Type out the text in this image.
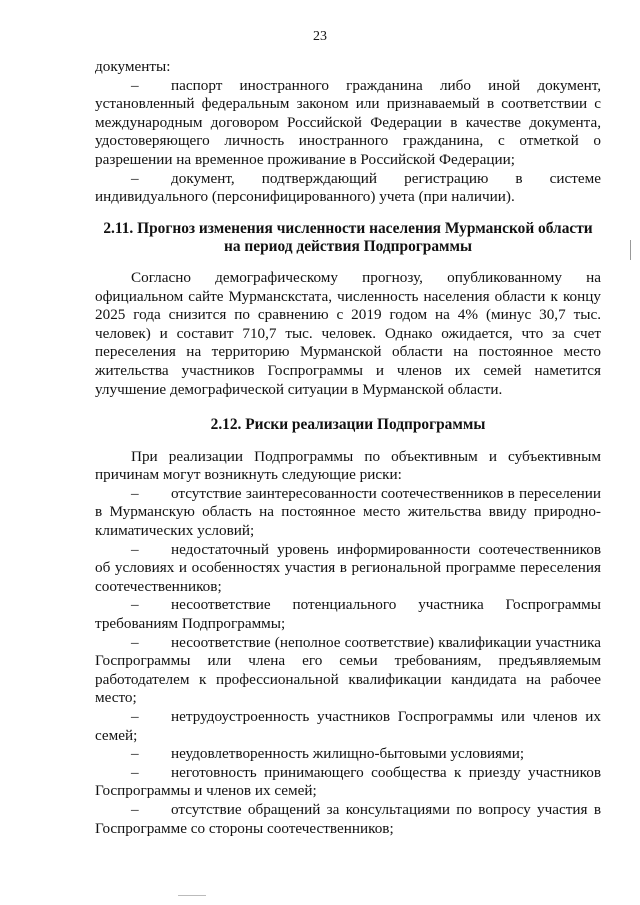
23

документы:

– паспорт иностранного гражданина либо иной документ, установленный федеральным законом или признаваемый в соответствии с международным договором Российской Федерации в качестве документа, удостоверяющего личность иностранного гражданина, с отметкой о разрешении на временное проживание в Российской Федерации;

– документ, подтверждающий регистрацию в системе индивидуального (персонифицированного) учета (при наличии).

2.11. Прогноз изменения численности населения Мурманской области на период действия Подпрограммы

Согласно демографическому прогнозу, опубликованному на официальном сайте Мурманскстата, численность населения области к концу 2025 года снизится по сравнению с 2019 годом на 4% (минус 30,7 тыс. человек) и составит 710,7 тыс. человек. Однако ожидается, что за счет переселения на территорию Мурманской области на постоянное место жительства участников Госпрограммы и членов их семей наметится улучшение демографической ситуации в Мурманской области.

2.12. Риски реализации Подпрограммы

При реализации Подпрограммы по объективным и субъективным причинам могут возникнуть следующие риски:

– отсутствие заинтересованности соотечественников в переселении в Мурманскую область на постоянное место жительства ввиду природно-климатических условий;

– недостаточный уровень информированности соотечественников об условиях и особенностях участия в региональной программе переселения соотечественников;

– несоответствие потенциального участника Госпрограммы требованиям Подпрограммы;

– несоответствие (неполное соответствие) квалификации участника Госпрограммы или члена его семьи требованиям, предъявляемым работодателем к профессиональной квалификации кандидата на рабочее место;

– нетрудоустроенность участников Госпрограммы или членов их семей;

– неудовлетворенность жилищно-бытовыми условиями;

– неготовность принимающего сообщества к приезду участников Госпрограммы и членов их семей;

– отсутствие обращений за консультациями по вопросу участия в Госпрограмме со стороны соотечественников;
